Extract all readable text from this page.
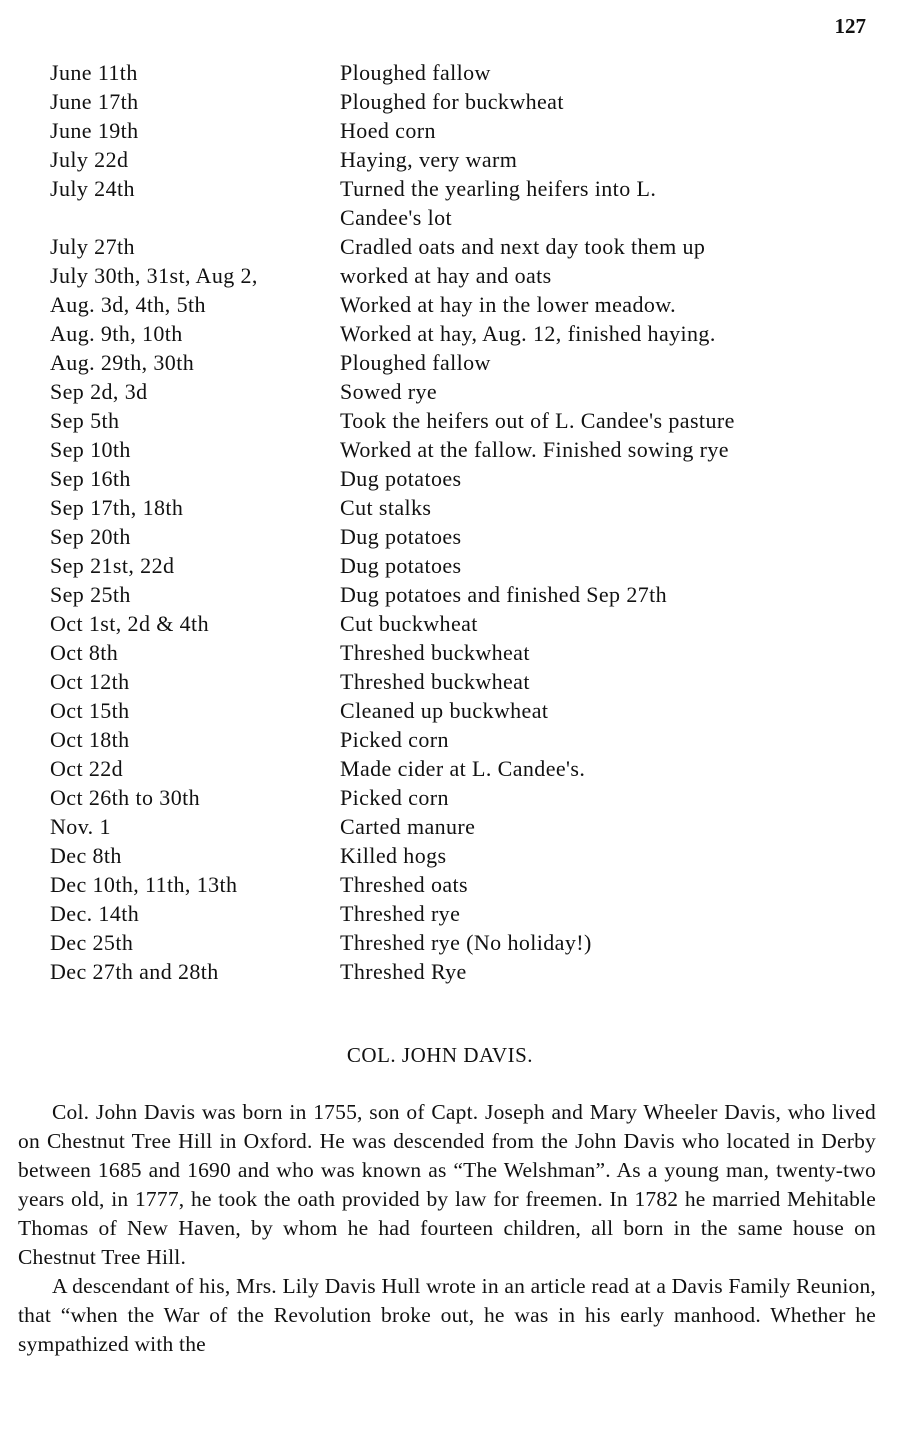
127
June 11th	Ploughed fallow
June 17th	Ploughed for buckwheat
June 19th	Hoed corn
July 22d	Haying, very warm
July 24th	Turned the yearling heifers into L.
Candee's lot
July 27th	Cradled oats and next day took them up
July 30th, 31st, Aug 2,	worked at hay and oats
Aug. 3d, 4th, 5th	Worked at hay in the lower meadow.
Aug. 9th, 10th	Worked at hay, Aug. 12, finished haying.
Aug. 29th, 30th	Ploughed fallow
Sep 2d, 3d	Sowed rye
Sep 5th	Took the heifers out of L. Candee's pasture
Sep 10th	Worked at the fallow. Finished sowing rye
Sep 16th	Dug potatoes
Sep 17th, 18th	Cut stalks
Sep 20th	Dug potatoes
Sep 21st, 22d	Dug potatoes
Sep 25th	Dug potatoes and finished Sep 27th
Oct 1st, 2d & 4th	Cut buckwheat
Oct 8th	Threshed buckwheat
Oct 12th	Threshed buckwheat
Oct 15th	Cleaned up buckwheat
Oct 18th	Picked corn
Oct 22d	Made cider at L. Candee's.
Oct 26th to 30th	Picked corn
Nov. 1	Carted manure
Dec 8th	Killed hogs
Dec 10th, 11th, 13th	Threshed oats
Dec. 14th	Threshed rye
Dec 25th	Threshed rye (No holiday!)
Dec 27th and 28th	Threshed Rye
COL. JOHN DAVIS.

Col. John Davis was born in 1755, son of Capt. Joseph and Mary Wheeler Davis, who lived on Chestnut Tree Hill in Oxford. He was descended from the John Davis who located in Derby between 1685 and 1690 and who was known as “The Welshman”. As a young man, twenty-two years old, in 1777, he took the oath provided by law for freemen. In 1782 he married Mehitable Thomas of New Haven, by whom he had fourteen children, all born in the same house on Chestnut Tree Hill.

A descendant of his, Mrs. Lily Davis Hull wrote in an article read at a Davis Family Reunion, that “when the War of the Revolution broke out, he was in his early manhood. Whether he sympathized with the
